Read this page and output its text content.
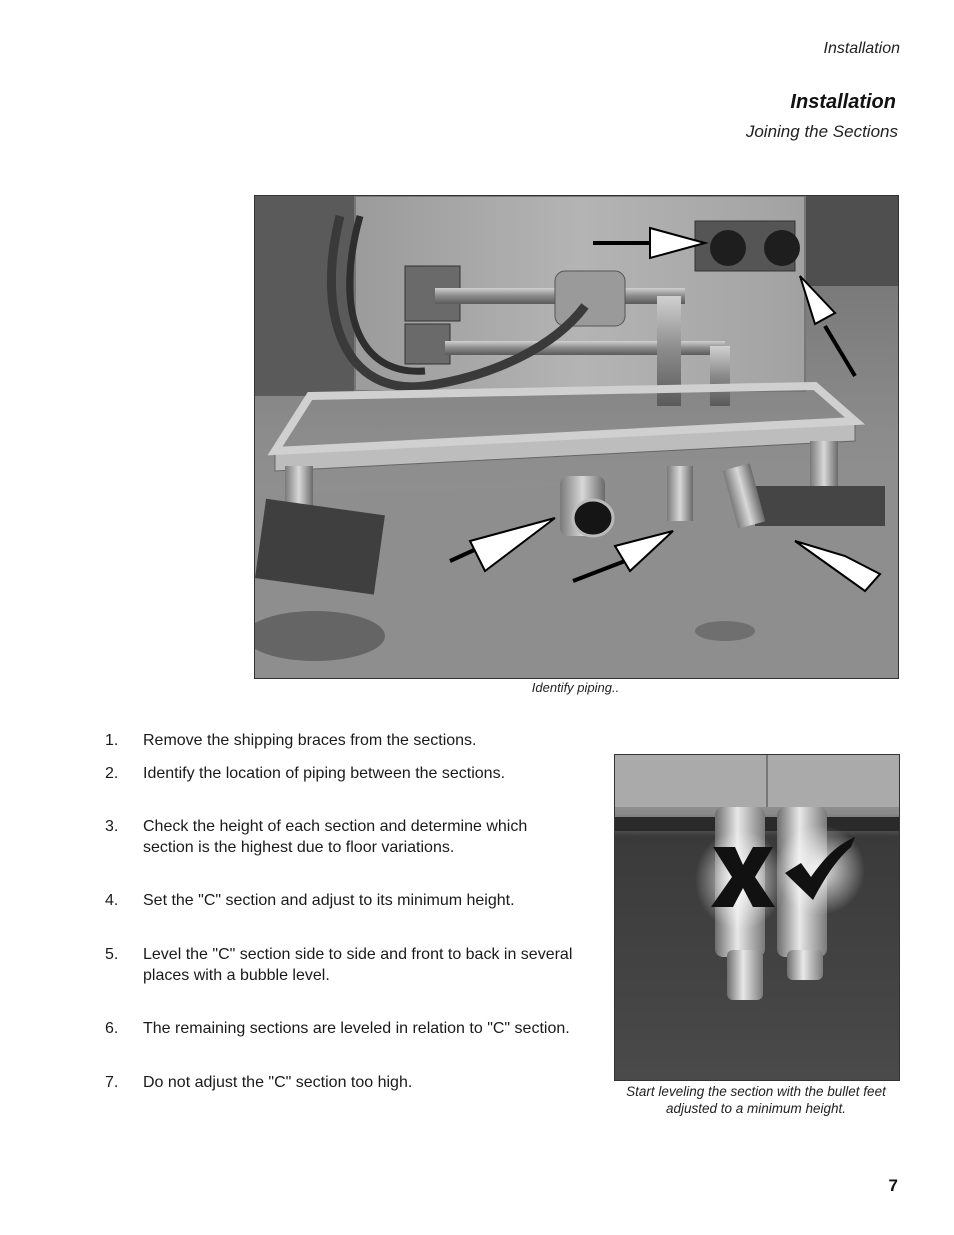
Installation
Installation
Joining the Sections
Identify piping..
1.	Remove the shipping braces from the sections.
2.	Identify the location of piping between the sections.
3.	Check the height of each section and determine which section is the highest due to floor variations.
4.	Set the "C" section and adjust to its minimum height.
5.	Level the "C" section side to side and front to back in several places with a bubble level.
6.	The remaining sections are leveled in relation to "C" section.
7.	Do not adjust the "C" section too high.
Start leveling the section with the bullet feet adjusted to a minimum height.
7
